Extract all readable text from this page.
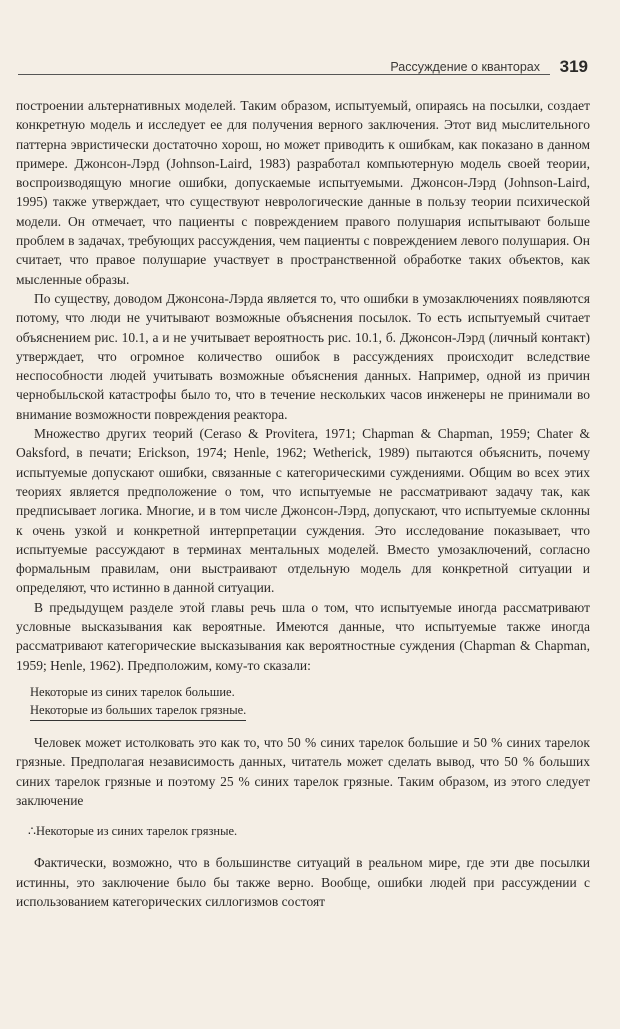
Рассуждение о кванторах 319

построении альтернативных моделей. Таким образом, испытуемый, опираясь на посылки, создает конкретную модель и исследует ее для получения верного заключения. Этот вид мыслительного паттерна эвристически достаточно хорош, но может приводить к ошибкам, как показано в данном примере. Джонсон-Лэрд (Johnson-Laird, 1983) разработал компьютерную модель своей теории, воспроизводящую многие ошибки, допускаемые испытуемыми. Джонсон-Лэрд (Johnson-Laird, 1995) также утверждает, что существуют неврологические данные в пользу теории психической модели. Он отмечает, что пациенты с повреждением правого полушария испытывают больше проблем в задачах, требующих рассуждения, чем пациенты с повреждением левого полушария. Он считает, что правое полушарие участвует в пространственной обработке таких объектов, как мысленные образы.

По существу, доводом Джонсона-Лэрда является то, что ошибки в умозаключениях появляются потому, что люди не учитывают возможные объяснения посылок. То есть испытуемый считает объяснением рис. 10.1, а и не учитывает вероятность рис. 10.1, б. Джонсон-Лэрд (личный контакт) утверждает, что огромное количество ошибок в рассуждениях происходит вследствие неспособности людей учитывать возможные объяснения данных. Например, одной из причин чернобыльской катастрофы было то, что в течение нескольких часов инженеры не принимали во внимание возможности повреждения реактора.

Множество других теорий (Ceraso & Provitera, 1971; Chapman & Chapman, 1959; Chater & Oaksford, в печати; Erickson, 1974; Henle, 1962; Wetherick, 1989) пытаются объяснить, почему испытуемые допускают ошибки, связанные с категорическими суждениями. Общим во всех этих теориях является предположение о том, что испытуемые не рассматривают задачу так, как предписывает логика. Многие, и в том числе Джонсон-Лэрд, допускают, что испытуемые склонны к очень узкой и конкретной интерпретации суждения. Это исследование показывает, что испытуемые рассуждают в терминах ментальных моделей. Вместо умозаключений, согласно формальным правилам, они выстраивают отдельную модель для конкретной ситуации и определяют, что истинно в данной ситуации.

В предыдущем разделе этой главы речь шла о том, что испытуемые иногда рассматривают условные высказывания как вероятные. Имеются данные, что испытуемые также иногда рассматривают категорические высказывания как вероятностные суждения (Chapman & Chapman, 1959; Henle, 1962). Предположим, кому-то сказали:

Некоторые из синих тарелок большие.
Некоторые из больших тарелок грязные.

Человек может истолковать это как то, что 50 % синих тарелок большие и 50 % синих тарелок грязные. Предполагая независимость данных, читатель может сделать вывод, что 50 % больших синих тарелок грязные и поэтому 25 % синих тарелок грязные. Таким образом, из этого следует заключение

∴Некоторые из синих тарелок грязные.

Фактически, возможно, что в большинстве ситуаций в реальном мире, где эти две посылки истинны, это заключение было бы также верно. Вообще, ошибки людей при рассуждении с использованием категорических силлогизмов состоят
